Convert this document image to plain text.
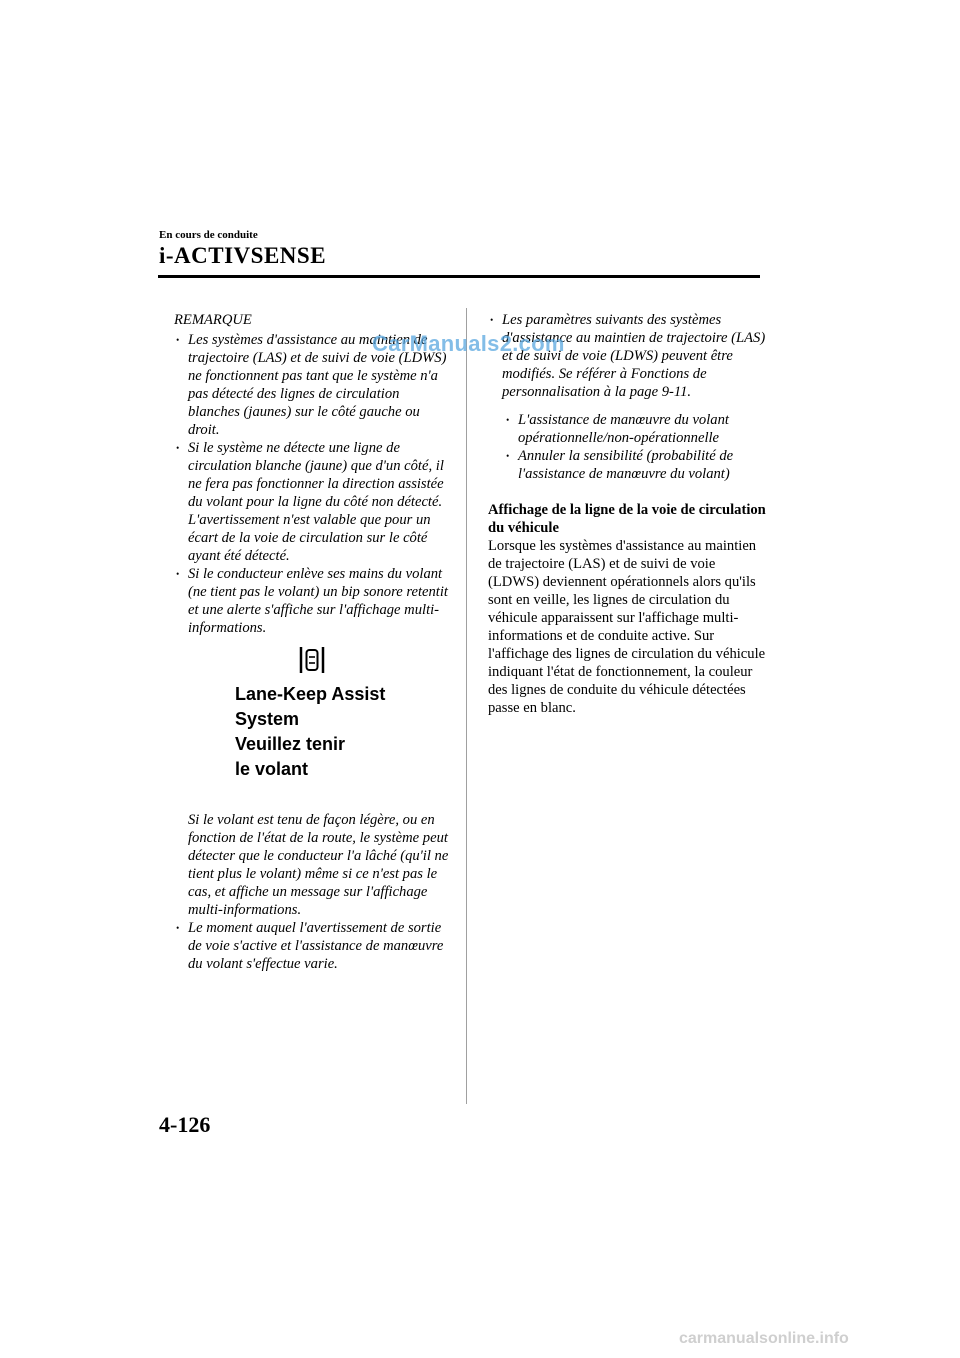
En cours de conduite
i-ACTIVSENSE
REMARQUE
• Les systèmes d'assistance au maintien de trajectoire (LAS) et de suivi de voie (LDWS) ne fonctionnent pas tant que le système n'a pas détecté des lignes de circulation blanches (jaunes) sur le côté gauche ou droit.
• Si le système ne détecte une ligne de circulation blanche (jaune) que d'un côté, il ne fera pas fonctionner la direction assistée du volant pour la ligne du côté non détecté. L'avertissement n'est valable que pour un écart de la voie de circulation sur le côté ayant été détecté.
• Si le conducteur enlève ses mains du volant (ne tient pas le volant) un bip sonore retentit et une alerte s'affiche sur l'affichage multi-informations.
Lane-Keep Assist
System
Veuillez tenir
le volant
Si le volant est tenu de façon légère, ou en fonction de l'état de la route, le système peut détecter que le conducteur l'a lâché (qu'il ne tient plus le volant) même si ce n'est pas le cas, et affiche un message sur l'affichage multi-informations.
• Le moment auquel l'avertissement de sortie de voie s'active et l'assistance de manœuvre du volant s'effectue varie.
• Les paramètres suivants des systèmes d'assistance au maintien de trajectoire (LAS) et de suivi de voie (LDWS) peuvent être modifiés. Se référer à Fonctions de personnalisation à la page 9-11.
• L'assistance de manœuvre du volant opérationnelle/non-opérationnelle
• Annuler la sensibilité (probabilité de l'assistance de manœuvre du volant)
Affichage de la ligne de la voie de circulation du véhicule
Lorsque les systèmes d'assistance au maintien de trajectoire (LAS) et de suivi de voie (LDWS) deviennent opérationnels alors qu'ils sont en veille, les lignes de circulation du véhicule apparaissent sur l'affichage multi-informations et de conduite active. Sur l'affichage des lignes de circulation du véhicule indiquant l'état de fonctionnement, la couleur des lignes de conduite du véhicule détectées passe en blanc.
4-126
CarManuals2.com
carmanualsonline.info
